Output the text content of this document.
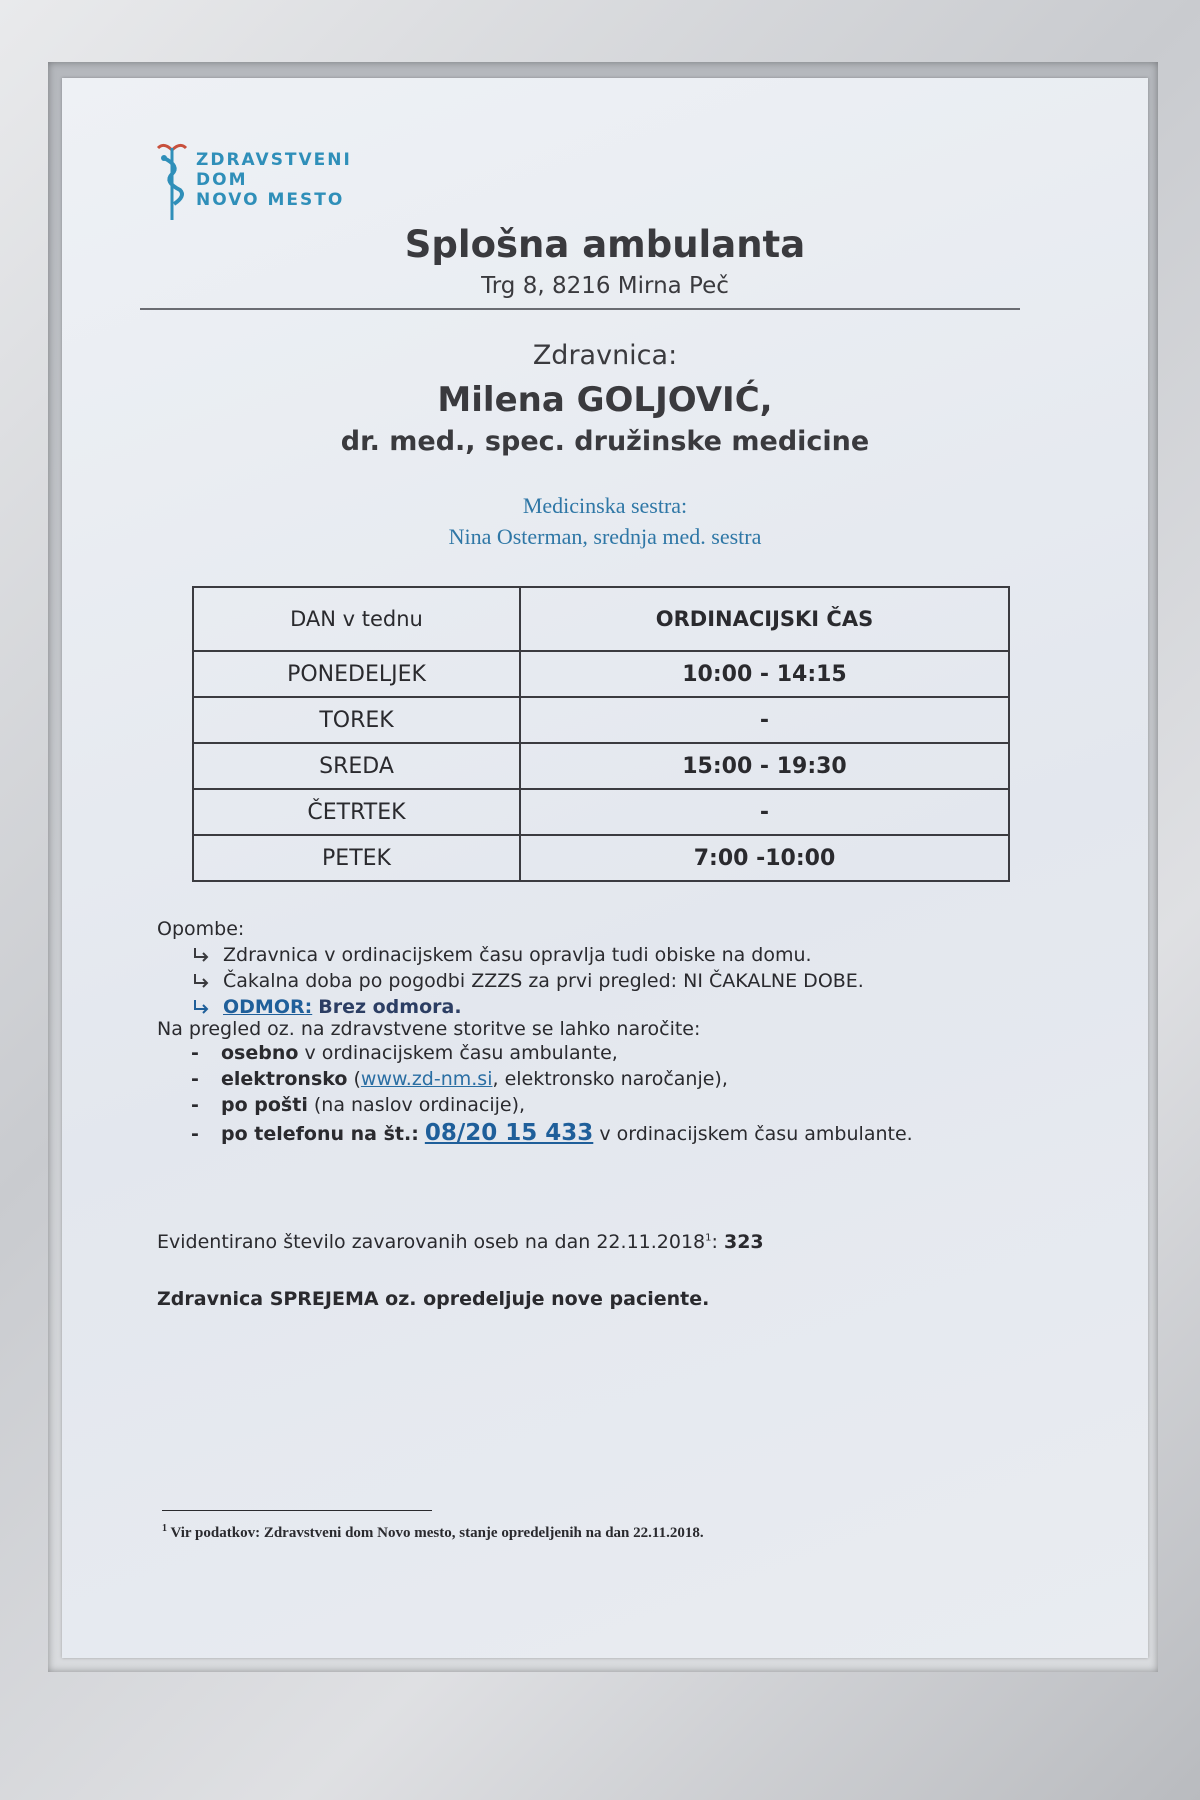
ZDRAVSTVENI
DOM
NOVO MESTO
Splošna ambulanta
Trg 8, 8216 Mirna Peč
Zdravnica:
Milena GOLJOVIĆ,
dr. med., spec. družinske medicine
Medicinska sestra:
Nina Osterman, srednja med. sestra
DAN v tednu	ORDINACIJSKI ČAS
PONEDELJEK	10:00 - 14:15
TOREK	-
SREDA	15:00 - 19:30
ČETRTEK	-
PETEK	7:00 -10:00
Opombe:
Zdravnica v ordinacijskem času opravlja tudi obiske na domu.
Čakalna doba po pogodbi ZZZS za prvi pregled: NI ČAKALNE DOBE.
ODMOR: Brez odmora.
Na pregled oz. na zdravstvene storitve se lahko naročite:
-	osebno v ordinacijskem času ambulante,
-	elektronsko (www.zd-nm.si, elektronsko naročanje),
-	po pošti (na naslov ordinacije),
-	po telefonu na št.: 08/20 15 433 v ordinacijskem času ambulante.
Evidentirano število zavarovanih oseb na dan 22.11.2018$^1$: 323
Zdravnica SPREJEMA oz. opredeljuje nove paciente.
$^1$ Vir podatkov: Zdravstveni dom Novo mesto, stanje opredeljenih na dan 22.11.2018.
